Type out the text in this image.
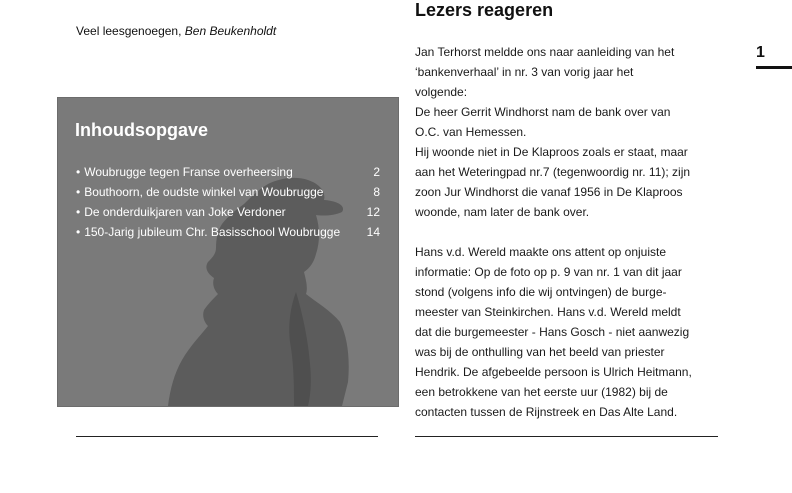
Veel leesgenoegen, Ben Beukenholdt
Inhoudsopgave
• Woubrugge tegen Franse overheersing	2
• Bouthoorn, de oudste winkel van Woubrugge	8
• De onderduikjaren van Joke Verdoner	12
• 150-Jarig jubileum Chr. Basisschool Woubrugge	14
Lezers reageren

Jan Terhorst meldde ons naar aanleiding van het

‘bankenverhaal’ in nr. 3 van vorig jaar het

volgende:

De heer Gerrit Windhorst nam de bank over van

O.C. van Hemessen.

Hij woonde niet in De Klaproos zoals er staat, maar

aan het Weteringpad nr.7 (tegenwoordig nr. 11); zijn

zoon Jur Windhorst die vanaf 1956 in De Klaproos

woonde, nam later de bank over.

Hans v.d. Wereld maakte ons attent op onjuiste

informatie: Op de foto op p. 9 van nr. 1 van dit jaar

stond (volgens info die wij ontvingen) de burge-

meester van Steinkirchen. Hans v.d. Wereld meldt

dat die burgemeester - Hans Gosch - niet aanwezig

was bij de onthulling van het beeld van priester

Hendrik. De afgebeelde persoon is Ulrich Heitmann,

een betrokkene van het eerste uur (1982) bij de

contacten tussen de Rijnstreek en Das Alte Land.

1
